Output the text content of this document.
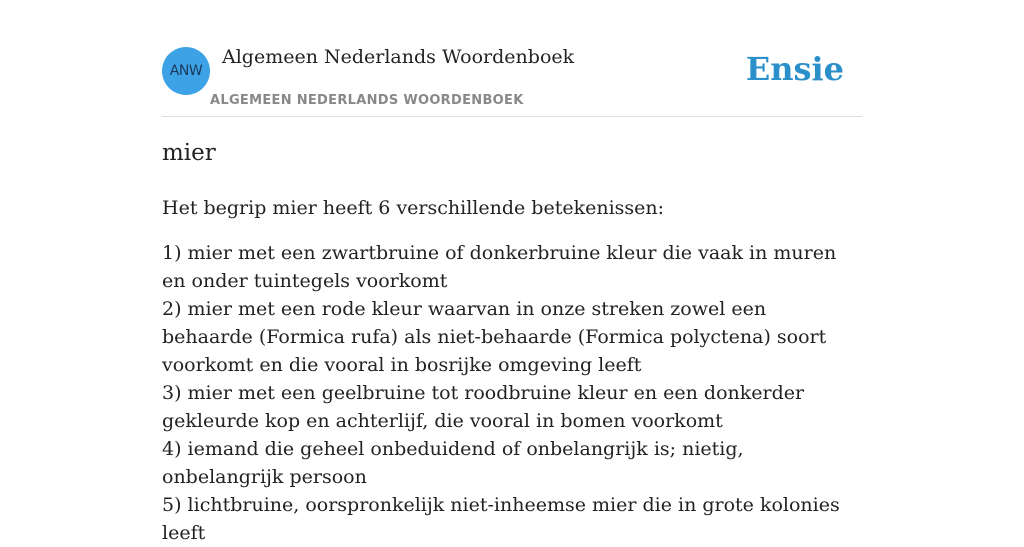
ANW
Algemeen Nederlands Woordenboek
ALGEMEEN NEDERLANDS WOORDENBOEK
Ensie
mier

Het begrip mier heeft 6 verschillende betekenissen:

1) mier met een zwartbruine of donkerbruine kleur die vaak in muren en onder tuintegels voorkomt
2) mier met een rode kleur waarvan in onze streken zowel een behaarde (Formica rufa) als niet-behaarde (Formica polyctena) soort voorkomt en die vooral in bosrijke omgeving leeft
3) mier met een geelbruine tot roodbruine kleur en een donkerder gekleurde kop en achterlijf, die vooral in bomen voorkomt
4) iemand die geheel onbeduidend of onbelangrijk is; nietig, onbelangrijk persoon
5) lichtbruine, oorspronkelijk niet-inheemse mier die in grote kolonies leeft
